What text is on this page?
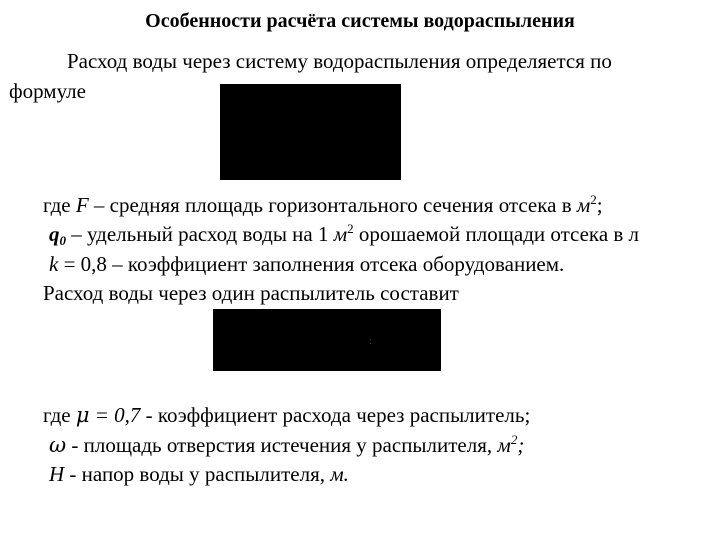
Особенности расчёта системы водораспыления
Расход воды через систему водораспыления определяется по
формуле
где F – средняя площадь горизонтального сечения отсека в $м^2$;
$q_0$ – удельный расход воды на 1 $м^2$ орошаемой площади отсека в л
k = 0,8 – коэффициент заполнения отсека оборудованием.
Расход воды через один распылитель составит
:
где μ = 0,7 - коэффициент расхода через распылитель;
ω - площадь отверстия истечения у распылителя, $м^2$;
H - напор воды у распылителя, м.
